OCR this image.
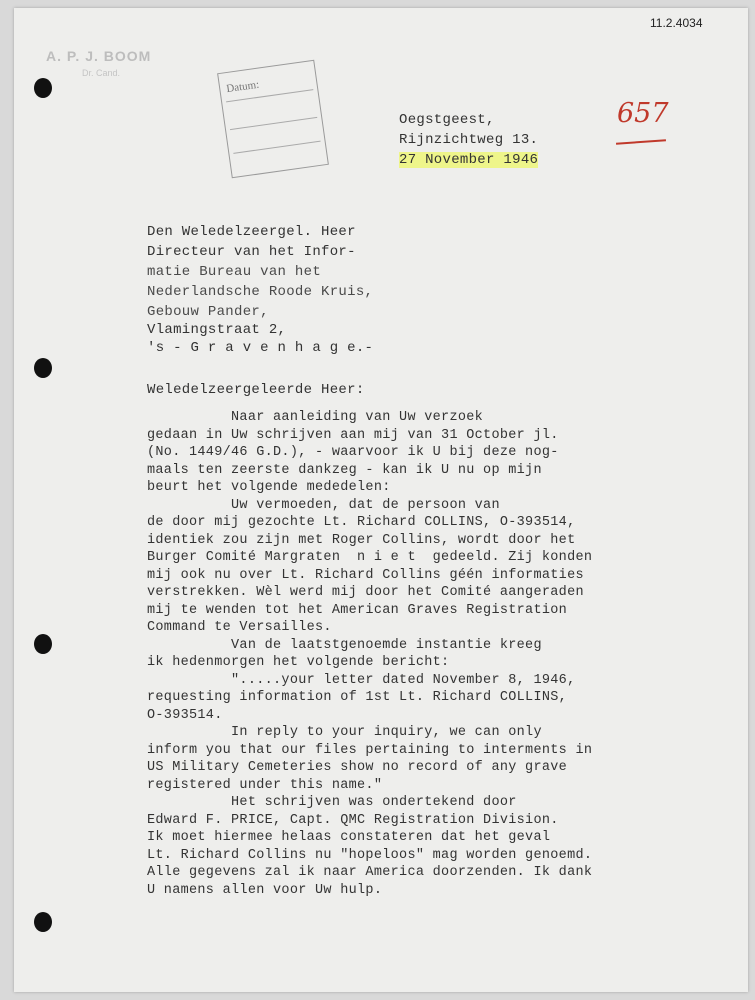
11.2.4034
A. P. J. BOOM
Dr. Cand.
Datum:
657
Oegstgeest,
Rijnzichtweg 13.
27 November 1946
Den Weledelzeergel. Heer
Directeur van het Infor-
matie Bureau van het
Nederlandsche Roode Kruis,
Gebouw Pander,
Vlamingstraat 2,
's - G r a v e n h a g e.-
Weledelzeergeleerde Heer:
Naar aanleiding van Uw verzoek
gedaan in Uw schrijven aan mij van 31 October jl.
(No. 1449/46 G.D.), - waarvoor ik U bij deze nog-
maals ten zeerste dankzeg - kan ik U nu op mijn
beurt het volgende mededelen:
Uw vermoeden, dat de persoon van
de door mij gezochte Lt. Richard COLLINS, O-393514,
identiek zou zijn met Roger Collins, wordt door het
Burger Comité Margraten  n i e t  gedeeld. Zij konden
mij ook nu over Lt. Richard Collins géén informaties
verstrekken. Wèl werd mij door het Comité aangeraden
mij te wenden tot het American Graves Registration
Command te Versailles.
Van de laatstgenoemde instantie kreeg
ik hedenmorgen het volgende bericht:
".....your letter dated November 8, 1946,
requesting information of 1st Lt. Richard COLLINS,
O-393514.
In reply to your inquiry, we can only
inform you that our files pertaining to interments in
US Military Cemeteries show no record of any grave
registered under this name."
Het schrijven was ondertekend door
Edward F. PRICE, Capt. QMC Registration Division.
Ik moet hiermee helaas constateren dat het geval
Lt. Richard Collins nu "hopeloos" mag worden genoemd.
Alle gegevens zal ik naar America doorzenden. Ik dank
U namens allen voor Uw hulp.
